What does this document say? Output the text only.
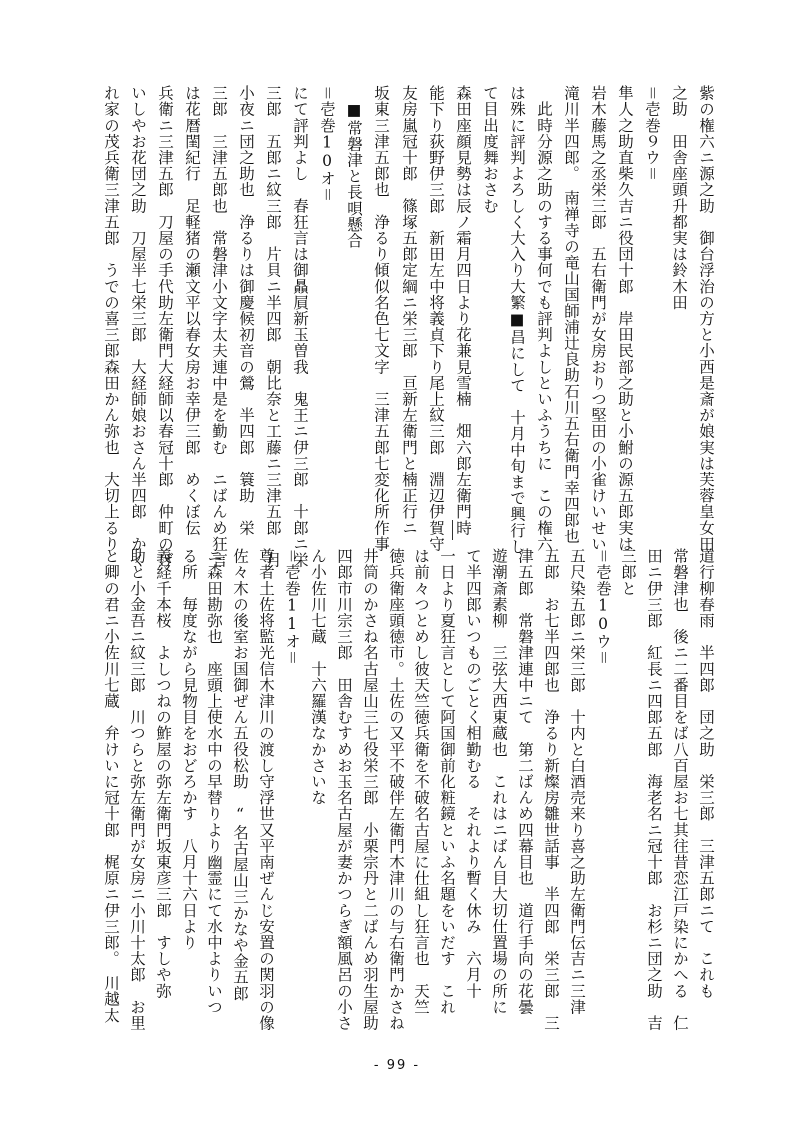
紫の権六ニ源之助　御台浮治の方と小西是斎が娘実は芙蓉皇女田
之助　田舎座頭升都実は鈴木田
＝壱巻９ウ＝
隼人之助直柴久吉ニ役団十郎　岸田民部之助と小鮒の源五郎実は
岩木藤馬之丞栄三郎　五右衛門が女房おりつ堅田の小雀けいせい
滝川半四郎。　南禅寺の竜山国師浦辻良助石川五右衛門幸四郎也
　此時分源之助のする事何でも評判よしといふうちに　この権六
は殊に評判よろしく大入り大繁■昌にして　十月中旬まで興行し
て目出度舞おさむ
森田座顔見勢は辰ノ霜月四日より花兼見雪楠　畑六郎左衛門時
能下り荻野伊三郎　新田左中将義貞下り尾上紋三郎　淵辺伊賀守
友房嵐冠十郎　篠塚五郎定綱ニ栄三郎　亘新左衛門と楠正行ニ
坂東三津五郎也　浄るり傾似名色七文字　三津五郎七変化所作事
　■常磐津と長唄懸合
＝壱巻10オ＝
にて評判よし　春狂言は御贔屓新玉曽我　鬼王ニ伊三郎　十郎ニ栄
三郎　五郎ニ紋三郎　片貝ニ半四郎　朝比奈と工藤ニ三津五郎　月
小夜ニ団之助也　浄るりは御慶候初音の鶯　半四郎　簑助　栄
三郎　三津五郎也　常磐津小文字太夫連中是を勤む　ニばんめ狂言
は花暦閨紀行　足軽猪の瀬文平以春女房お幸伊三郎　めくぼ伝
兵衛ニ三津五郎　刀屋の手代助左衛門大経師以春冠十郎　仲町のげ
いしやお花団之助　刀屋半七栄三郎　大経師娘おさん半四郎　かく
れ家の茂兵衛三津五郎　うでの喜三郎森田かん弥也　大切上るり
道行柳春雨　半四郎　団之助　栄三郎　三津五郎ニて　これも
常磐津也　後ニ二番目をば八百屋お七其往昔恋江戸染にかへる　仁
田ニ伊三郎　紅長ニ四郎五郎　海老名ニ冠十郎　お杉ニ団之助　吉
三郎と
＝壱巻10ウ＝
五尺染五郎ニ栄三郎　十内と白酒売来り喜之助左衛門伝吉ニ三津
五郎　お七半四郎也　浄るり新燦房雛世話事　半四郎　栄三郎　三
津五郎　常磐津連中ニて　第二ばんめ四幕目也　道行手向の花曇
遊潮斎素柳　三弦大西東蔵也　これはニばん目大切仕置場の所に
て半四郎いつものごとく相勤むる　それより暫く休み　六月十
一日より夏狂言として阿国御前化粧鏡といふ名題をいだす　これ
は前々つとめし彼天竺徳兵衛を不破名古屋に仕組し狂言也　天竺
徳兵衛座頭徳市。土佐の又平不破伴左衛門木津川の与右衛門かさね
井筒のかさね名古屋山三七役栄三郎　小栗宗丹と二ばんめ羽生屋助
四郎市川宗三郎　田舎むすめお玉名古屋が妻かつらぎ額風呂の小さ
ん小佐川七蔵　十六羅漢なかさいな
＝壱巻11オ＝
尊者土佐将監光信木津川の渡し守浮世又平南ぜんじ安置の関羽の像
佐々木の後室お国御ぜん五役松助　“名古屋山三かなや金五郎
ニ森田勘弥也　座頭上使水中の早替りより幽霊にて水中よりいつ
る所　毎度ながら見物目をおどろかす　八月十六日より
義経千本桜　よしつねの鮓屋の弥左衛門坂東彦三郎　すしや弥
助と小金吾ニ紋三郎　川つらと弥左衛門が女房ニ小川十太郎　お里
と卿の君ニ小佐川七蔵　弁けいに冠十郎　梶原ニ伊三郎。　川越太
- 99 -
